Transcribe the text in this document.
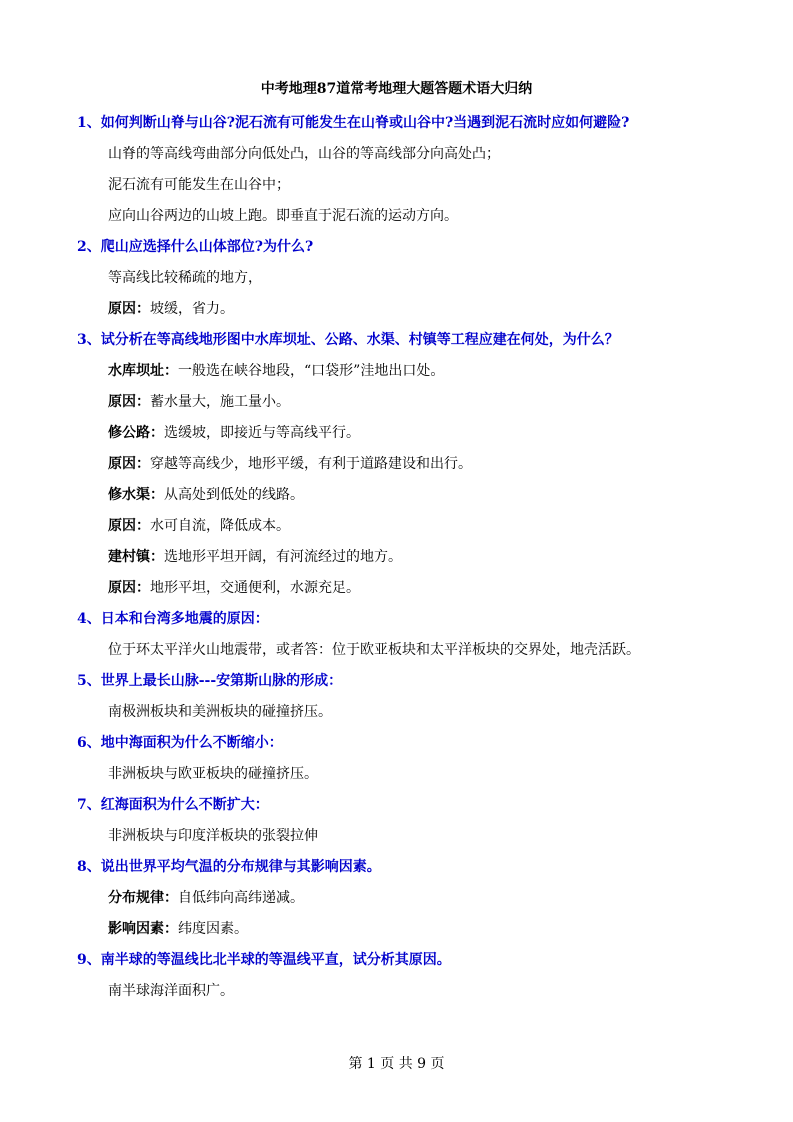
中考地理87道常考地理大题答题术语大归纳
1、如何判断山脊与山谷?泥石流有可能发生在山脊或山谷中?当遇到泥石流时应如何避险?
山脊的等高线弯曲部分向低处凸，山谷的等高线部分向高处凸；
泥石流有可能发生在山谷中；
应向山谷两边的山坡上跑。即垂直于泥石流的运动方向。
2、爬山应选择什么山体部位?为什么?
等高线比较稀疏的地方，
原因：坡缓，省力。
3、试分析在等高线地形图中水库坝址、公路、水渠、村镇等工程应建在何处，为什么？
水库坝址：一般选在峡谷地段，“口袋形”洼地出口处。
原因：蓄水量大，施工量小。
修公路：选缓坡，即接近与等高线平行。
原因：穿越等高线少，地形平缓，有利于道路建设和出行。
修水渠：从高处到低处的线路。
原因：水可自流，降低成本。
建村镇：选地形平坦开阔，有河流经过的地方。
原因：地形平坦，交通便利，水源充足。
4、日本和台湾多地震的原因：
位于环太平洋火山地震带，或者答：位于欧亚板块和太平洋板块的交界处，地壳活跃。
5、世界上最长山脉---安第斯山脉的形成：
南极洲板块和美洲板块的碰撞挤压。
6、地中海面积为什么不断缩小：
非洲板块与欧亚板块的碰撞挤压。
7、红海面积为什么不断扩大：
非洲板块与印度洋板块的张裂拉伸
8、说出世界平均气温的分布规律与其影响因素。
分布规律：自低纬向高纬递减。
影响因素：纬度因素。
9、南半球的等温线比北半球的等温线平直，试分析其原因。
南半球海洋面积广。
第 1 页 共 9 页
